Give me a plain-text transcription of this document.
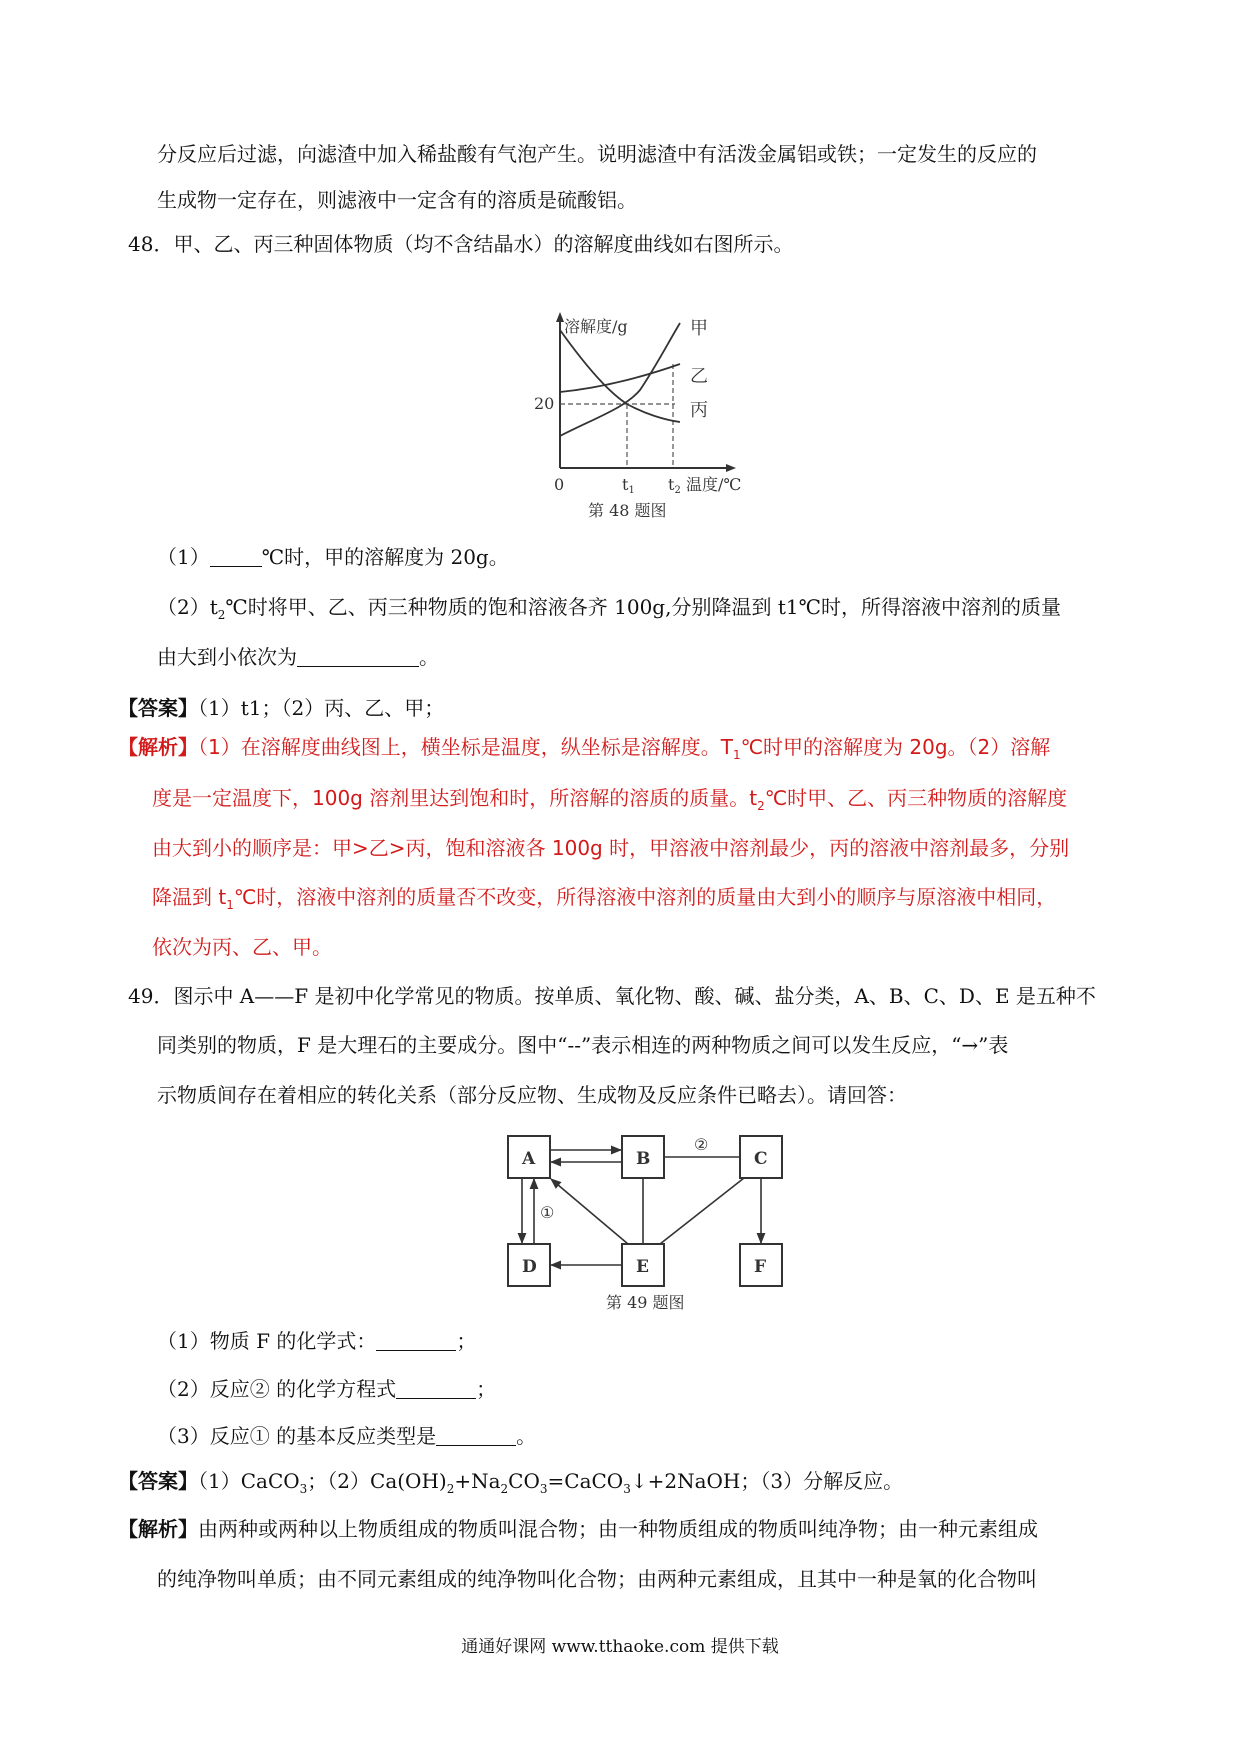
分反应后过滤，向滤渣中加入稀盐酸有气泡产生。说明滤渣中有活泼金属铝或铁；一定发生的反应的
生成物一定存在，则滤液中一定含有的溶质是硫酸铝。
48．甲、乙、丙三种固体物质（均不含结晶水）的溶解度曲线如右图所示。
溶解度/g	甲
乙
丙
20
0	t1 t2 温度/℃
第 48 题图
（1）	℃时，甲的溶解度为 20g。
$(2)t_2℃$时将甲、乙、丙三种物质的饱和溶液各齐 100g,分别降温到 t1℃时，所得溶液中溶剂的质量
由大到小依次为	。
【答案】（1）t1；（2）丙、乙、甲；
【解析】（1）在溶解度曲线图上，横坐标是温度，纵坐标是溶解度。$T_1℃$时甲的溶解度为 20g。（2）溶解
度是一定温度下，100g 溶剂里达到饱和时，所溶解的溶质的质量。$t_2℃$时甲、乙、丙三种物质的溶解度
由大到小的顺序是：甲>乙>丙，饱和溶液各 100g 时，甲溶液中溶剂最少，丙的溶液中溶剂最多，分别
降温到 $t_1℃$时，溶液中溶剂的质量否不改变，所得溶液中溶剂的质量由大到小的顺序与原溶液中相同，
依次为丙、乙、甲。
49．图示中 A——F 是初中化学常见的物质。按单质、氧化物、酸、碱、盐分类，A、B、C、D、E 是五种不
同类别的物质，F 是大理石的主要成分。图中“--”表示相连的两种物质之间可以发生反应，“→”表
示物质间存在着相应的转化关系（部分反应物、生成物及反应条件已略去）。请回答：
A	B	C
D	E	F
②
①
第 49 题图
（1）物质 F 的化学式：	；
（2）反应② 的化学方程式	；
（3）反应① 的基本反应类型是	。
【答案】（1）CaCO$_3$；$(2)Ca(OH)_2+Na_2CO_3=CaCO_3↓+2NaOH$；（3）分解反应。
【解析】由两种或两种以上物质组成的物质叫混合物；由一种物质组成的物质叫纯净物；由一种元素组成
的纯净物叫单质；由不同元素组成的纯净物叫化合物；由两种元素组成，且其中一种是氧的化合物叫
通通好课网 www.tthaoke.com 提供下载
